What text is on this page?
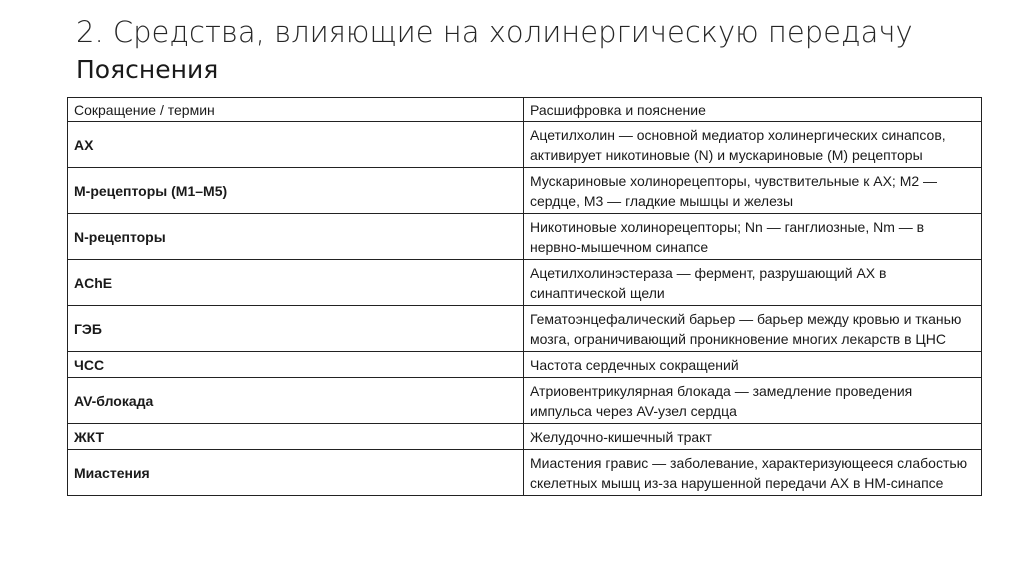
2. Средства, влияющие на холинергическую передачу
Пояснения
Сокращение / термин	Расшифровка и пояснение
АХ	Ацетилхолин — основной медиатор холинергических синапсов, активирует никотиновые (N) и мускариновые (M) рецепторы
М-рецепторы (М1–М5)	Мускариновые холинорецепторы, чувствительные к АХ; М2 — сердце, М3 — гладкие мышцы и железы
N-рецепторы	Никотиновые холинорецепторы; Nn — ганглиозные, Nm — в нервно-мышечном синапсе
AChE	Ацетилхолинэстераза — фермент, разрушающий АХ в синаптической щели
ГЭБ	Гематоэнцефалический барьер — барьер между кровью и тканью мозга, ограничивающий проникновение многих лекарств в ЦНС
ЧСС	Частота сердечных сокращений
AV-блокада	Атриовентрикулярная блокада — замедление проведения импульса через AV-узел сердца
ЖКТ	Желудочно-кишечный тракт
Миастения	Миастения гравис — заболевание, характеризующееся слабостью скелетных мышц из-за нарушенной передачи АХ в НМ-синапсе
